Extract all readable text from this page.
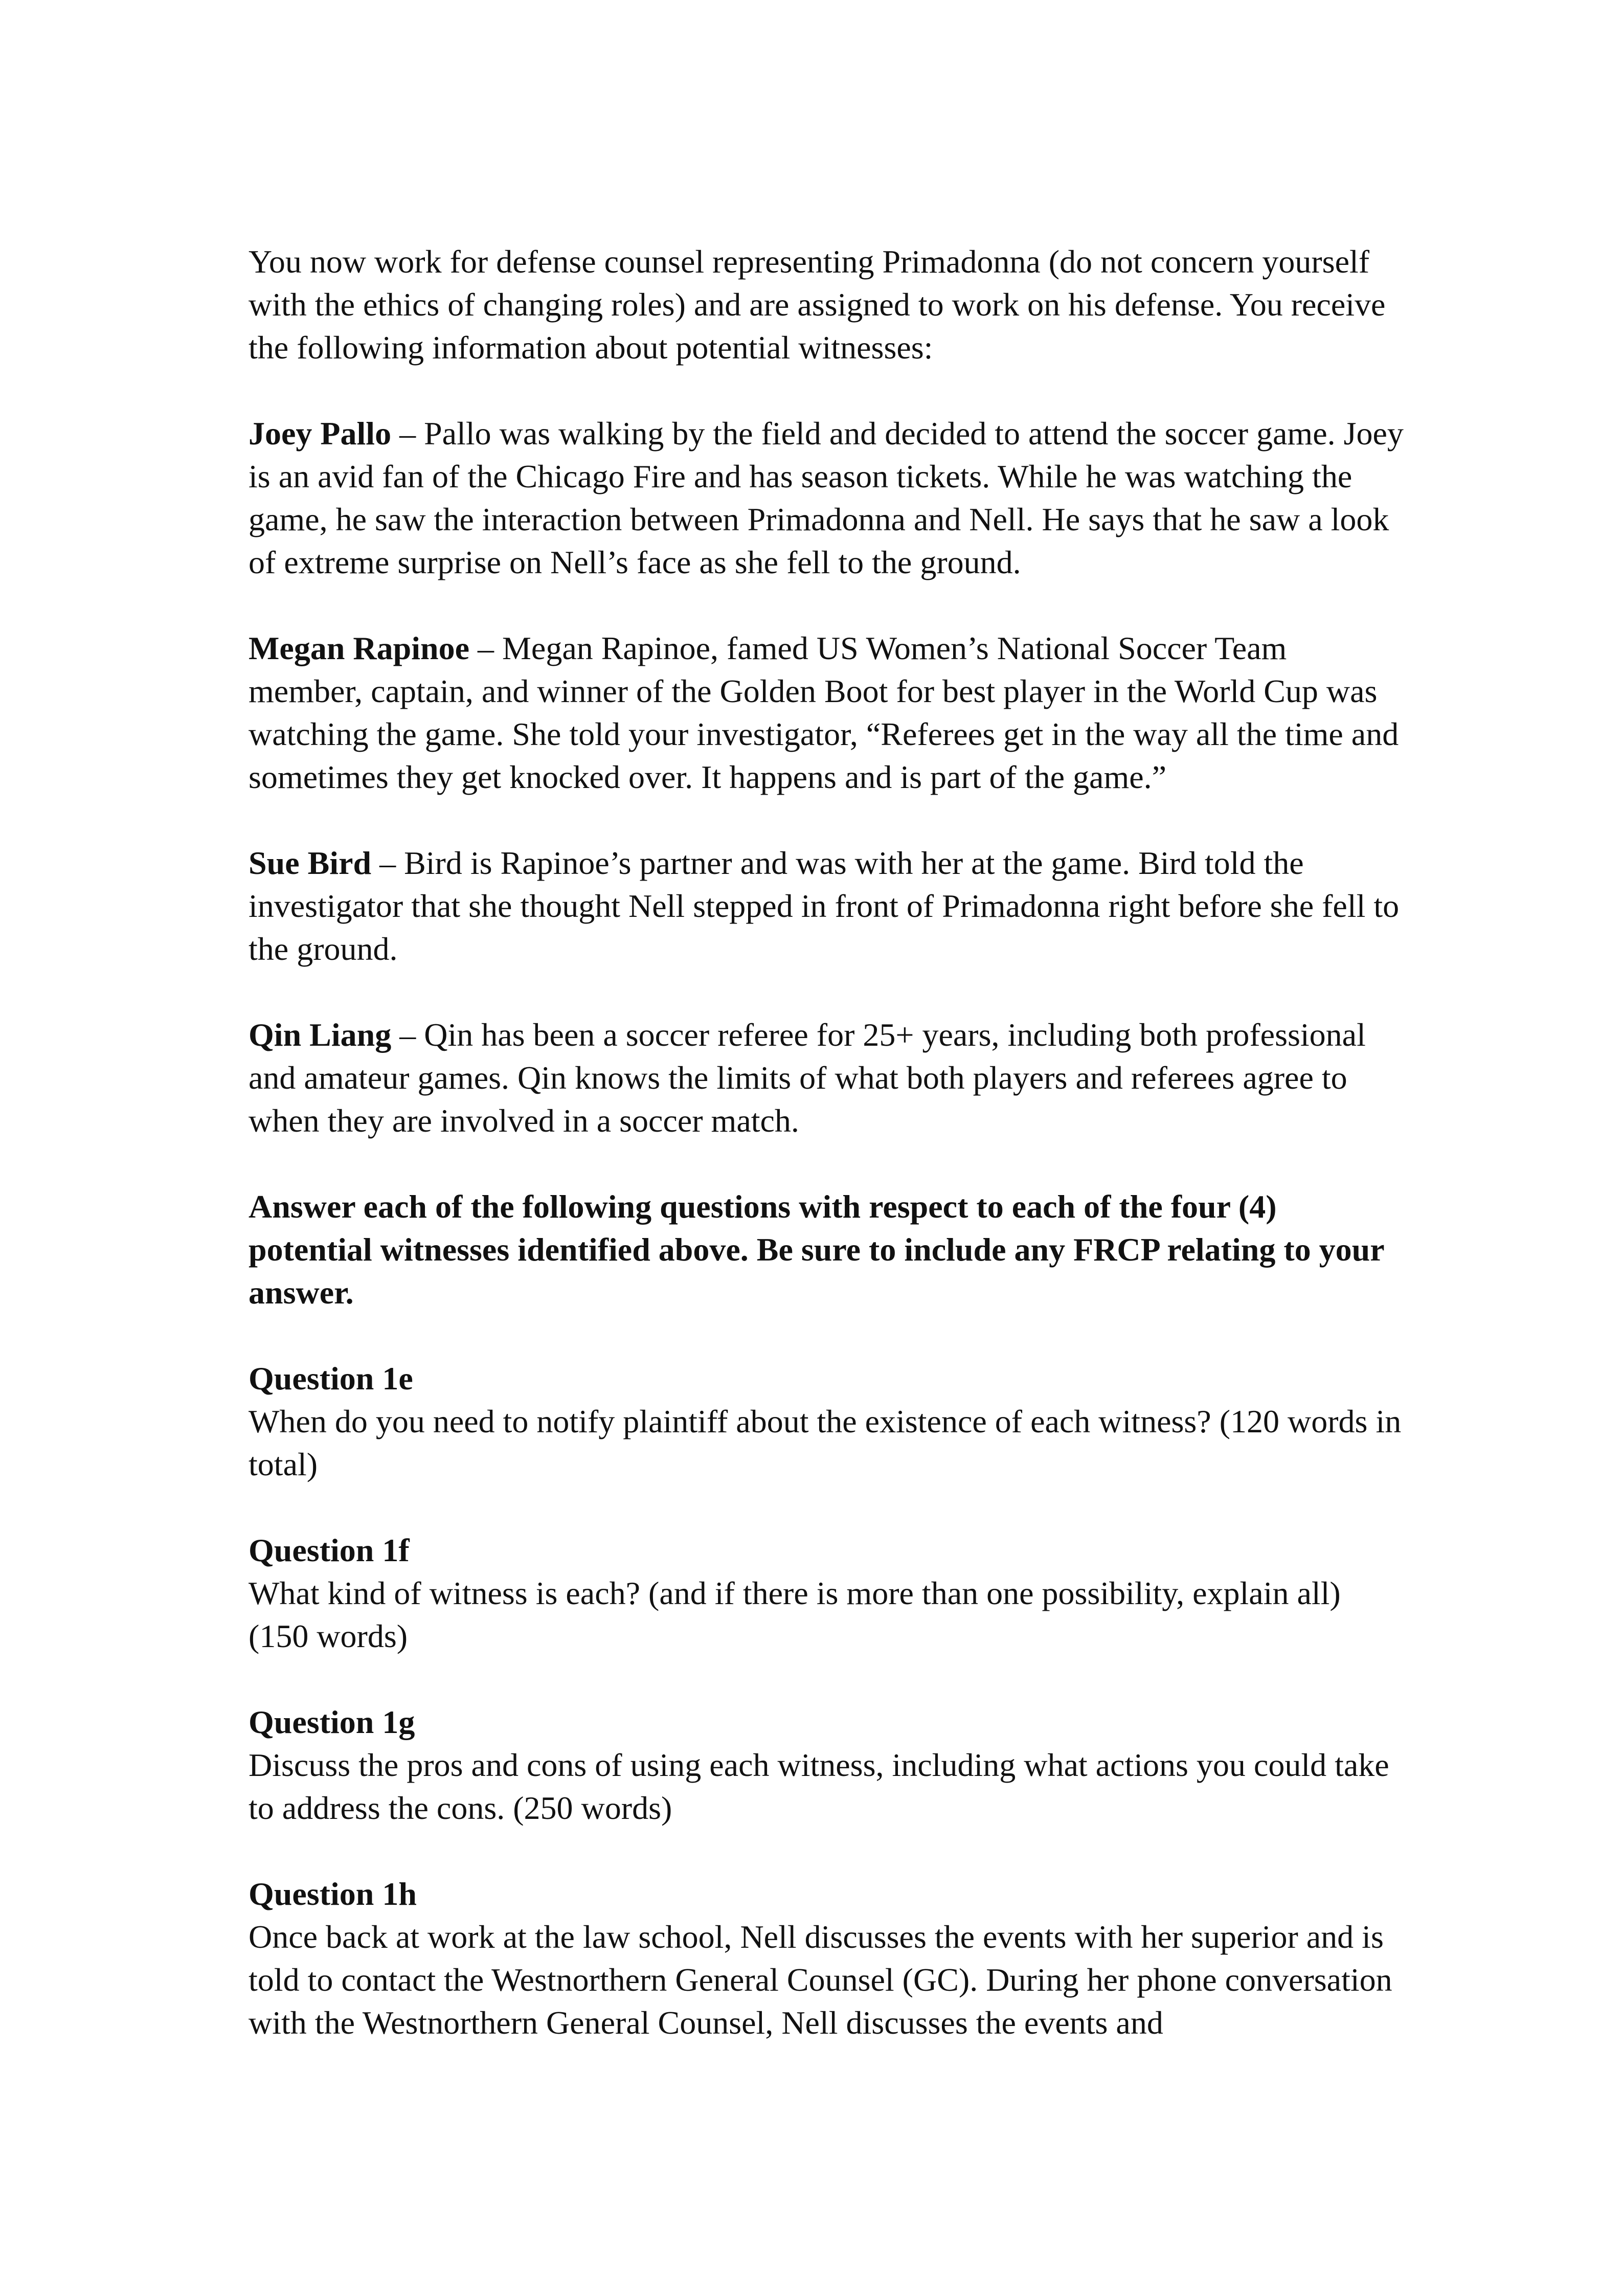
You now work for defense counsel representing Primadonna (do not concern yourself with the ethics of changing roles) and are assigned to work on his defense. You receive the following information about potential witnesses:

Joey Pallo – Pallo was walking by the field and decided to attend the soccer game. Joey is an avid fan of the Chicago Fire and has season tickets. While he was watching the game, he saw the interaction between Primadonna and Nell. He says that he saw a look of extreme surprise on Nell’s face as she fell to the ground.

Megan Rapinoe – Megan Rapinoe, famed US Women’s National Soccer Team member, captain, and winner of the Golden Boot for best player in the World Cup was watching the game. She told your investigator, “Referees get in the way all the time and sometimes they get knocked over. It happens and is part of the game.”

Sue Bird – Bird is Rapinoe’s partner and was with her at the game. Bird told the investigator that she thought Nell stepped in front of Primadonna right before she fell to the ground.

Qin Liang – Qin has been a soccer referee for 25+ years, including both professional and amateur games. Qin knows the limits of what both players and referees agree to when they are involved in a soccer match.

Answer each of the following questions with respect to each of the four (4) potential witnesses identified above. Be sure to include any FRCP relating to your answer.

Question 1e
When do you need to notify plaintiff about the existence of each witness? (120 words in total)
Question 1f
What kind of witness is each? (and if there is more than one possibility, explain all) (150 words)
Question 1g
Discuss the pros and cons of using each witness, including what actions you could take to address the cons. (250 words)
Question 1h
Once back at work at the law school, Nell discusses the events with her superior and is told to contact the Westnorthern General Counsel (GC). During her phone conversation with the Westnorthern General Counsel, Nell discusses the events and
